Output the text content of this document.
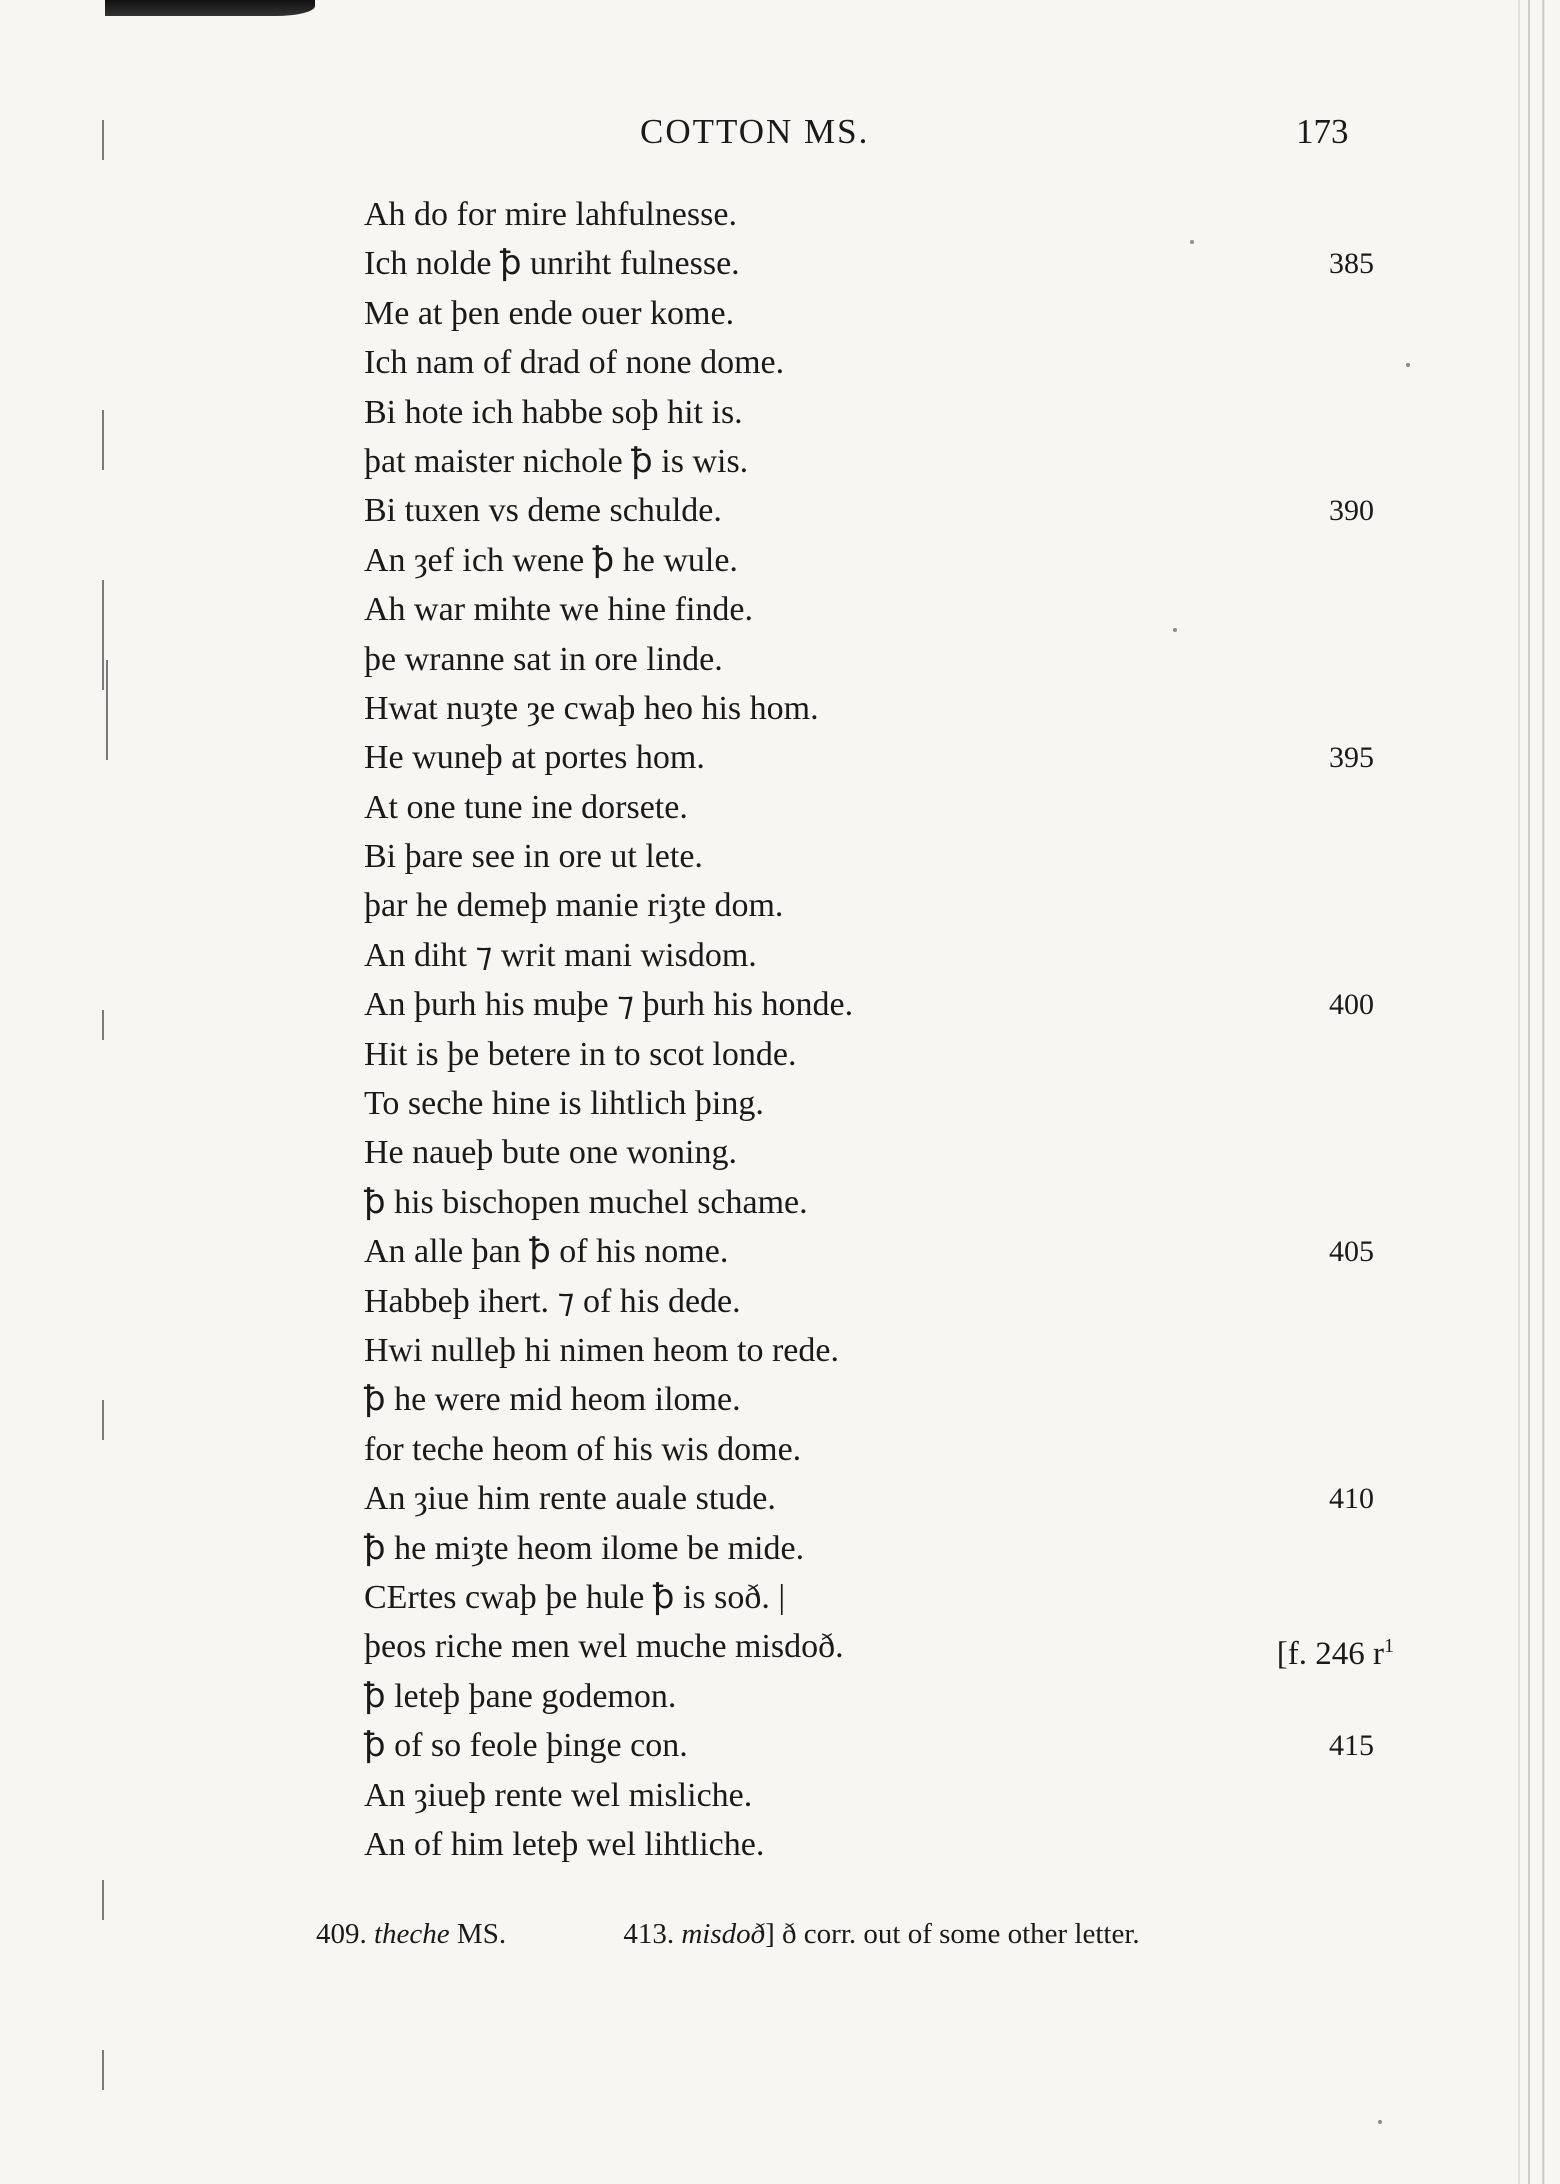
COTTON MS.	173
Ah do for mire lahfulnesse.
Ich nolde ꝥ unriht fulnesse.	385
Me at þen ende ouer kome.
Ich nam of drad of none dome.
Bi hote ich habbe soþ hit is.
þat maister nichole ꝥ is wis.
Bi tuxen vs deme schulde.	390
An ȝef ich wene ꝥ he wule.
Ah war mihte we hine finde.
þe wranne sat in ore linde.
Hwat nuȝte ȝe cwaþ heo his hom.
He wuneþ at portes hom.	395
At one tune ine dorsete.
Bi þare see in ore ut lete.
þar he demeþ manie riȝte dom.
An diht ⁊ writ mani wisdom.
An þurh his muþe ⁊ þurh his honde.	400
Hit is þe betere in to scot londe.
To seche hine is lihtlich þing.
He naueþ bute one woning.
ꝥ his bischopen muchel schame.
An alle þan ꝥ of his nome.	405
Habbeþ ihert. ⁊ of his dede.
Hwi nulleþ hi nimen heom to rede.
ꝥ he were mid heom ilome.
for teche heom of his wis dome.
An ȝiue him rente auale stude.	410
ꝥ he miȝte heom ilome be mide.
CErtes cwaþ þe hule ꝥ is soð. |
þeos riche men wel muche misdoð.	[f. 246 $r^1$
ꝥ leteþ þane godemon.
ꝥ of so feole þinge con.	415
An ȝiueþ rente wel misliche.
An of him leteþ wel lihtliche.
409. theche MS.	413. misdoð] ð corr. out of some other letter.
